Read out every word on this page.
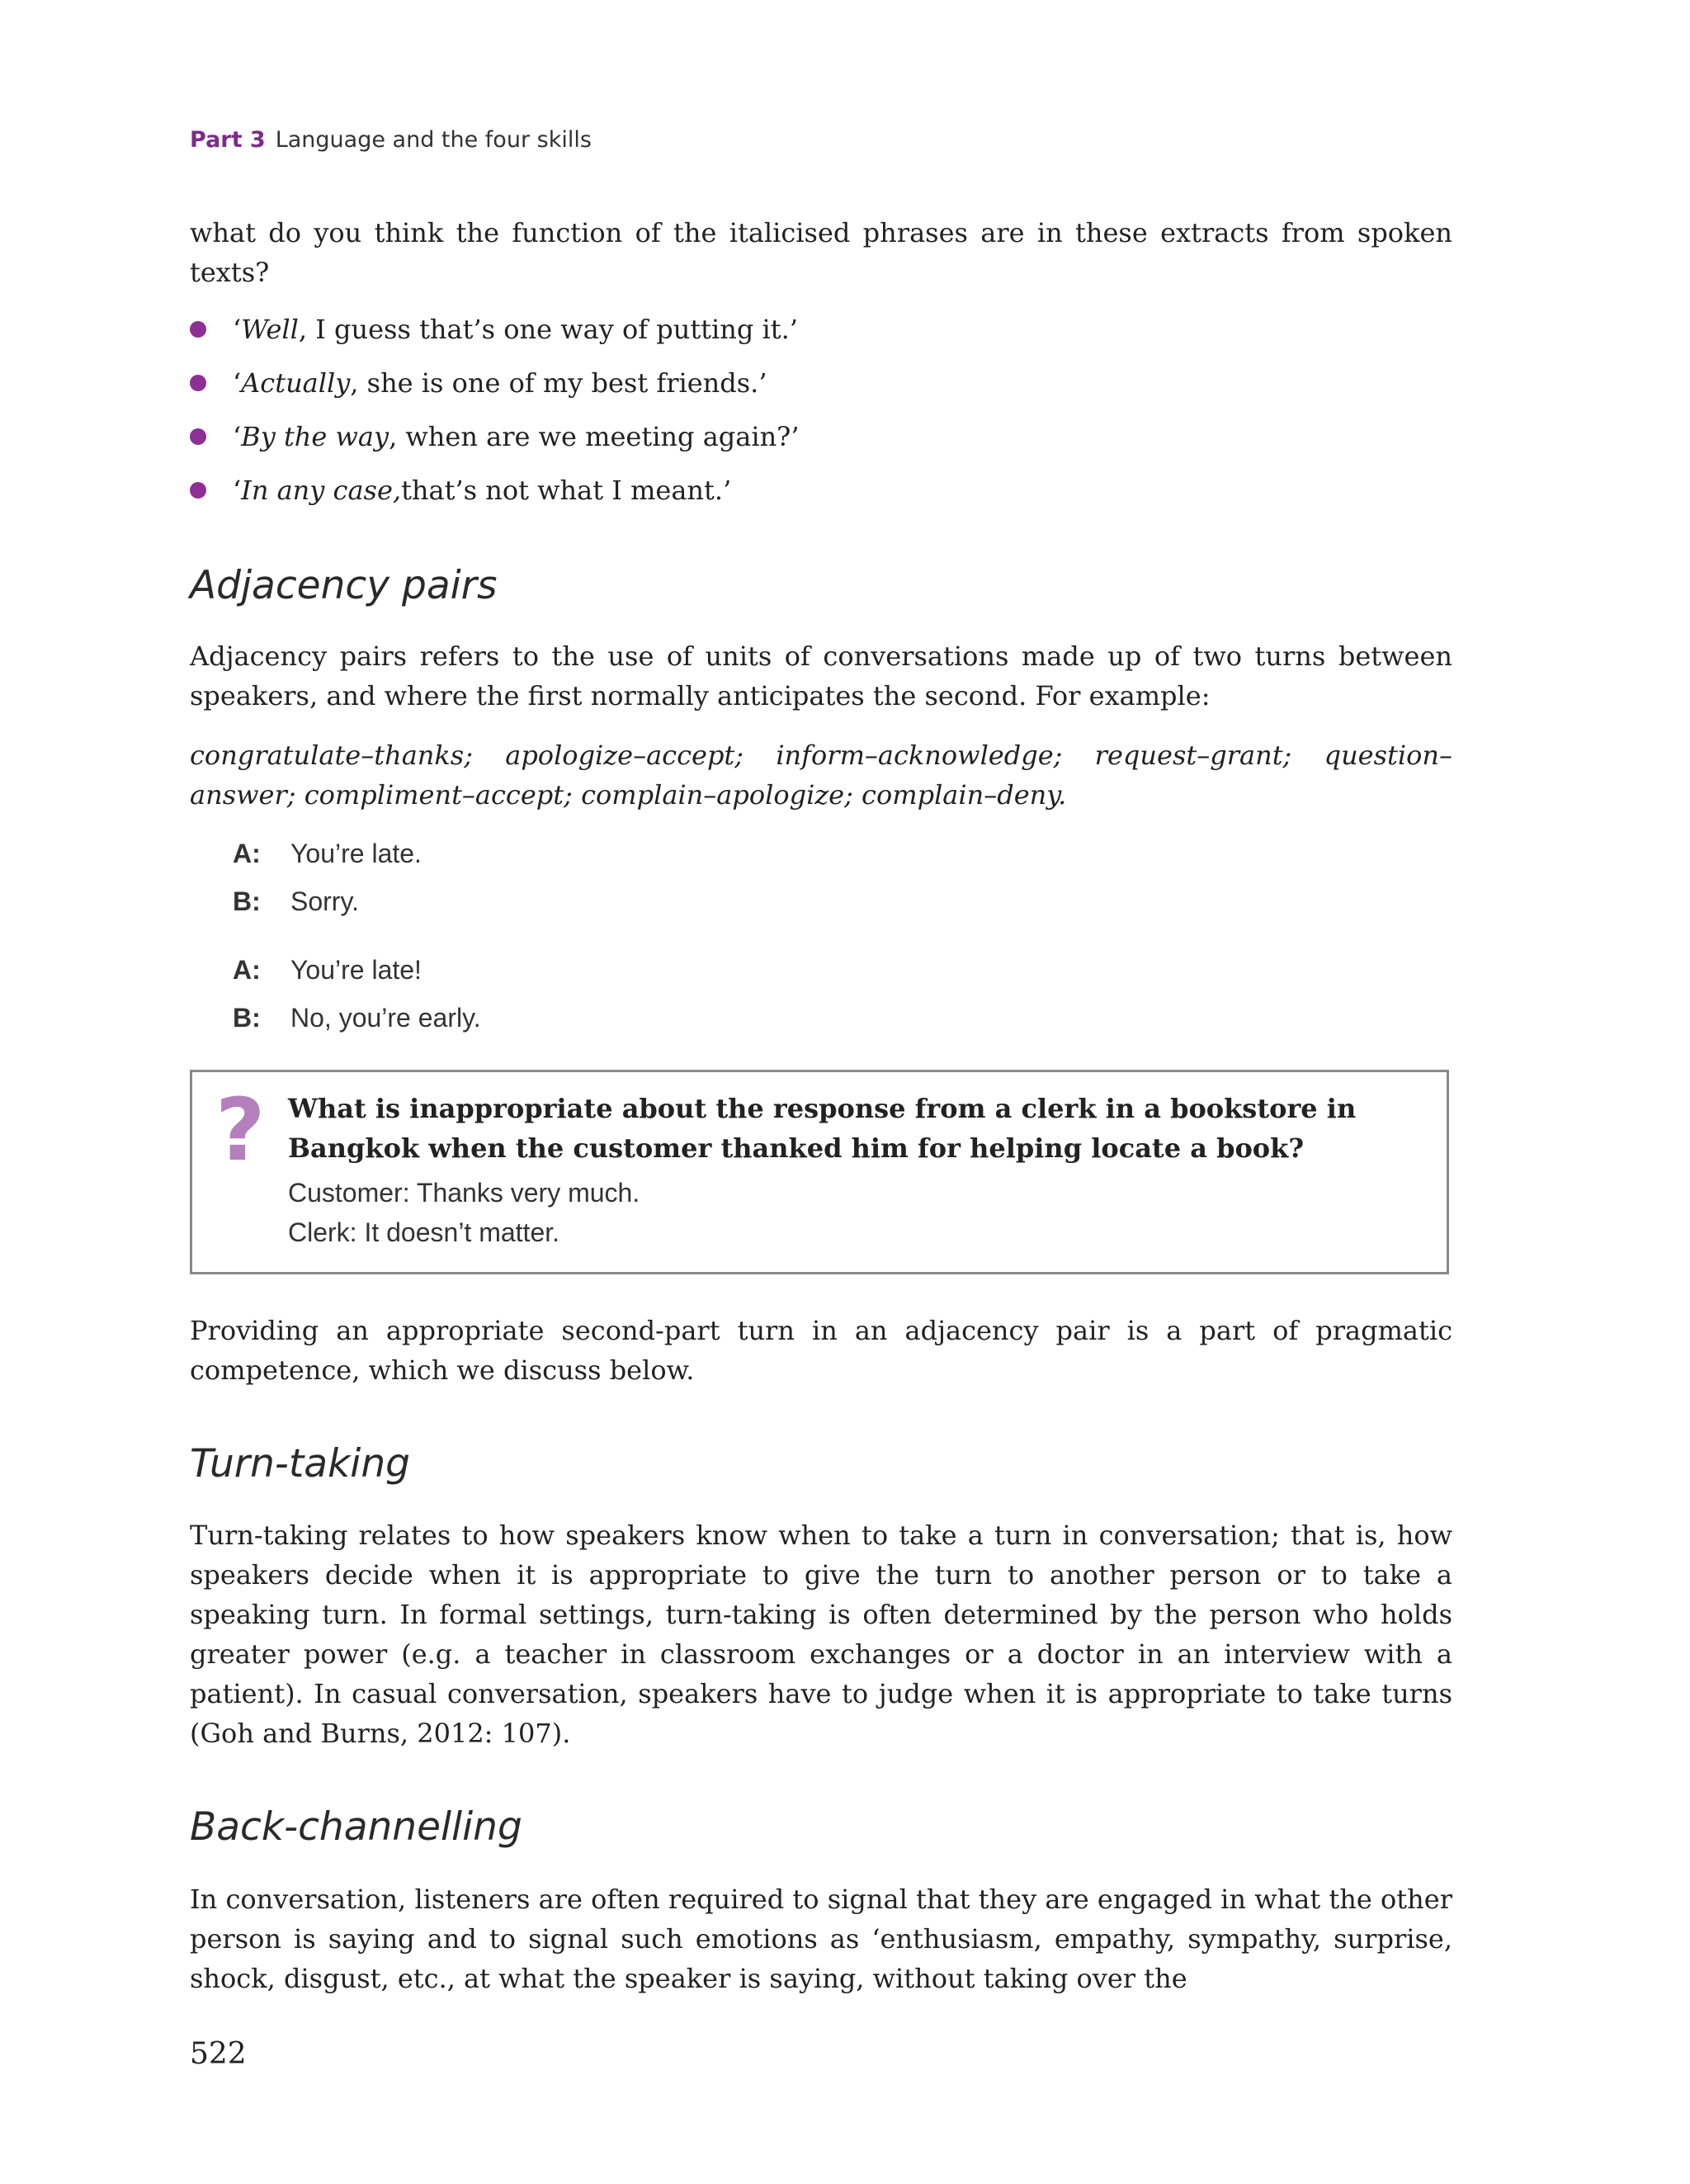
Part 3 Language and the four skills

what do you think the function of the italicised phrases are in these extracts from spoken texts?

‘ Well , I guess that’s one way of putting it.’
‘ Actually , she is one of my best friends.’
‘ By the way , when are we meeting again?’
‘ In any case, that’s not what I meant.’
Adjacency pairs

Adjacency pairs refers to the use of units of conversations made up of two turns between speakers, and where the first normally anticipates the second. For example:

congratulate–thanks; apologize–accept; inform–acknowledge; request–grant; question–answer; compliment–accept; complain–apologize; complain–deny.

A:	You’re late.
B:	Sorry.
A:	You’re late!
B:	No, you’re early.
? What is inappropriate about the response from a clerk in a bookstore in Bangkok when the customer thanked him for helping locate a book?

Customer: Thanks very much.
Clerk: It doesn’t matter.

Providing an appropriate second-part turn in an adjacency pair is a part of pragmatic competence, which we discuss below.

Turn-taking

Turn-taking relates to how speakers know when to take a turn in conversation; that is, how speakers decide when it is appropriate to give the turn to another person or to take a speaking turn. In formal settings, turn-taking is often determined by the person who holds greater power (e.g. a teacher in classroom exchanges or a doctor in an interview with a patient). In casual conversation, speakers have to judge when it is appropriate to take turns (Goh and Burns, 2012: 107).

Back-channelling

In conversation, listeners are often required to signal that they are engaged in what the other person is saying and to signal such emotions as ‘enthusiasm, empathy, sympathy, surprise, shock, disgust, etc., at what the speaker is saying, without taking over the

522
